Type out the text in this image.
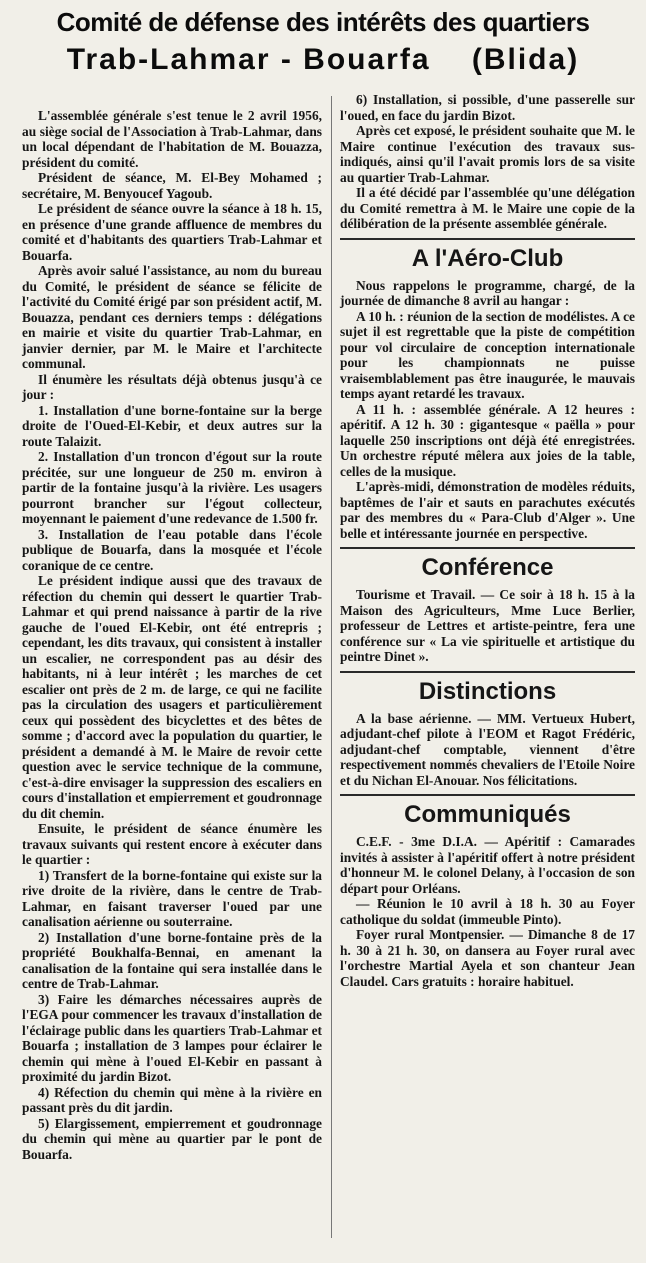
Comité de défense des intérêts des quartiers
Trab-Lahmar - Bouarfa    (Blida)

L'assemblée générale s'est tenue le 2 avril 1956, au siège social de l'Association à Trab-Lahmar, dans un local dépendant de l'habitation de M. Bouazza, président du comité.

Président de séance, M. El-Bey Mohamed ; secrétaire, M. Benyoucef Yagoub.

Le président de séance ouvre la séance à 18 h. 15, en présence d'une grande affluence de membres du comité et d'habitants des quartiers Trab-Lahmar et Bouarfa.

Après avoir salué l'assistance, au nom du bureau du Comité, le président de séance se félicite de l'activité du Comité érigé par son président actif, M. Bouazza, pendant ces derniers temps : délégations en mairie et visite du quartier Trab-Lahmar, en janvier dernier, par M. le Maire et l'architecte communal.

Il énumère les résultats déjà obtenus jusqu'à ce jour :

1. Installation d'une borne-fontaine sur la berge droite de l'Oued-El-Kebir, et deux autres sur la route Talaizit.

2. Installation d'un troncon d'égout sur la route précitée, sur une longueur de 250 m. environ à partir de la fontaine jusqu'à la rivière. Les usagers pourront brancher sur l'égout collecteur, moyennant le paiement d'une redevance de 1.500 fr.

3. Installation de l'eau potable dans l'école publique de Bouarfa, dans la mosquée et l'école coranique de ce centre.

Le président indique aussi que des travaux de réfection du chemin qui dessert le quartier Trab-Lahmar et qui prend naissance à partir de la rive gauche de l'oued El-Kebir, ont été entrepris ; cependant, les dits travaux, qui consistent à installer un escalier, ne correspondent pas au désir des habitants, ni à leur intérêt ; les marches de cet escalier ont près de 2 m. de large, ce qui ne facilite pas la circulation des usagers et particulièrement ceux qui possèdent des bicyclettes et des bêtes de somme ; d'accord avec la population du quartier, le président a demandé à M. le Maire de revoir cette question avec le service technique de la commune, c'est-à-dire envisager la suppression des escaliers en cours d'installation et empierrement et goudronnage du dit chemin.

Ensuite, le président de séance énumère les travaux suivants qui restent encore à exécuter dans le quartier :

1) Transfert de la borne-fontaine qui existe sur la rive droite de la rivière, dans le centre de Trab-Lahmar, en faisant traverser l'oued par une canalisation aérienne ou souterraine.

2) Installation d'une borne-fontaine près de la propriété Boukhalfa-Bennai, en amenant la canalisation de la fontaine qui sera installée dans le centre de Trab-Lahmar.

3) Faire les démarches nécessaires auprès de l'EGA pour commencer les travaux d'installation de l'éclairage public dans les quartiers Trab-Lahmar et Bouarfa ; installation de 3 lampes pour éclairer le chemin qui mène à l'oued El-Kebir en passant à proximité du jardin Bizot.

4) Réfection du chemin qui mène à la rivière en passant près du dit jardin.

5) Elargissement, empierrement et goudronnage du chemin qui mène au quartier par le pont de Bouarfa.

6) Installation, si possible, d'une passerelle sur l'oued, en face du jardin Bizot.

Après cet exposé, le président souhaite que M. le Maire continue l'exécution des travaux sus-indiqués, ainsi qu'il l'avait promis lors de sa visite au quartier Trab-Lahmar.

Il a été décidé par l'assemblée qu'une délégation du Comité remettra à M. le Maire une copie de la délibération de la présente assemblée générale.

A l'Aéro-Club

Nous rappelons le programme, chargé, de la journée de dimanche 8 avril au hangar :

A 10 h. : réunion de la section de modélistes. A ce sujet il est regrettable que la piste de compétition pour vol circulaire de conception internationale pour les championnats ne puisse vraisemblablement pas être inaugurée, le mauvais temps ayant retardé les travaux.

A 11 h. : assemblée générale. A 12 heures : apéritif. A 12 h. 30 : gigantesque « paëlla » pour laquelle 250 inscriptions ont déjà été enregistrées. Un orchestre réputé mêlera aux joies de la table, celles de la musique.

L'après-midi, démonstration de modèles réduits, baptêmes de l'air et sauts en parachutes exécutés par des membres du « Para-Club d'Alger ». Une belle et intéressante journée en perspective.

Conférence

Tourisme et Travail. — Ce soir à 18 h. 15 à la Maison des Agriculteurs, Mme Luce Berlier, professeur de Lettres et artiste-peintre, fera une conférence sur « La vie spirituelle et artistique du peintre Dinet ».

Distinctions

A la base aérienne. — MM. Vertueux Hubert, adjudant-chef pilote à l'EOM et Ragot Frédéric, adjudant-chef comptable, viennent d'être respectivement nommés chevaliers de l'Etoile Noire et du Nichan El-Anouar. Nos félicitations.

Communiqués

C.E.F. - 3me D.I.A. — Apéritif : Camarades invités à assister à l'apéritif offert à notre président d'honneur M. le colonel Delany, à l'occasion de son départ pour Orléans.

— Réunion le 10 avril à 18 h. 30 au Foyer catholique du soldat (immeuble Pinto).

Foyer rural Montpensier. — Dimanche 8 de 17 h. 30 à 21 h. 30, on dansera au Foyer rural avec l'orchestre Martial Ayela et son chanteur Jean Claudel. Cars gratuits : horaire habituel.
